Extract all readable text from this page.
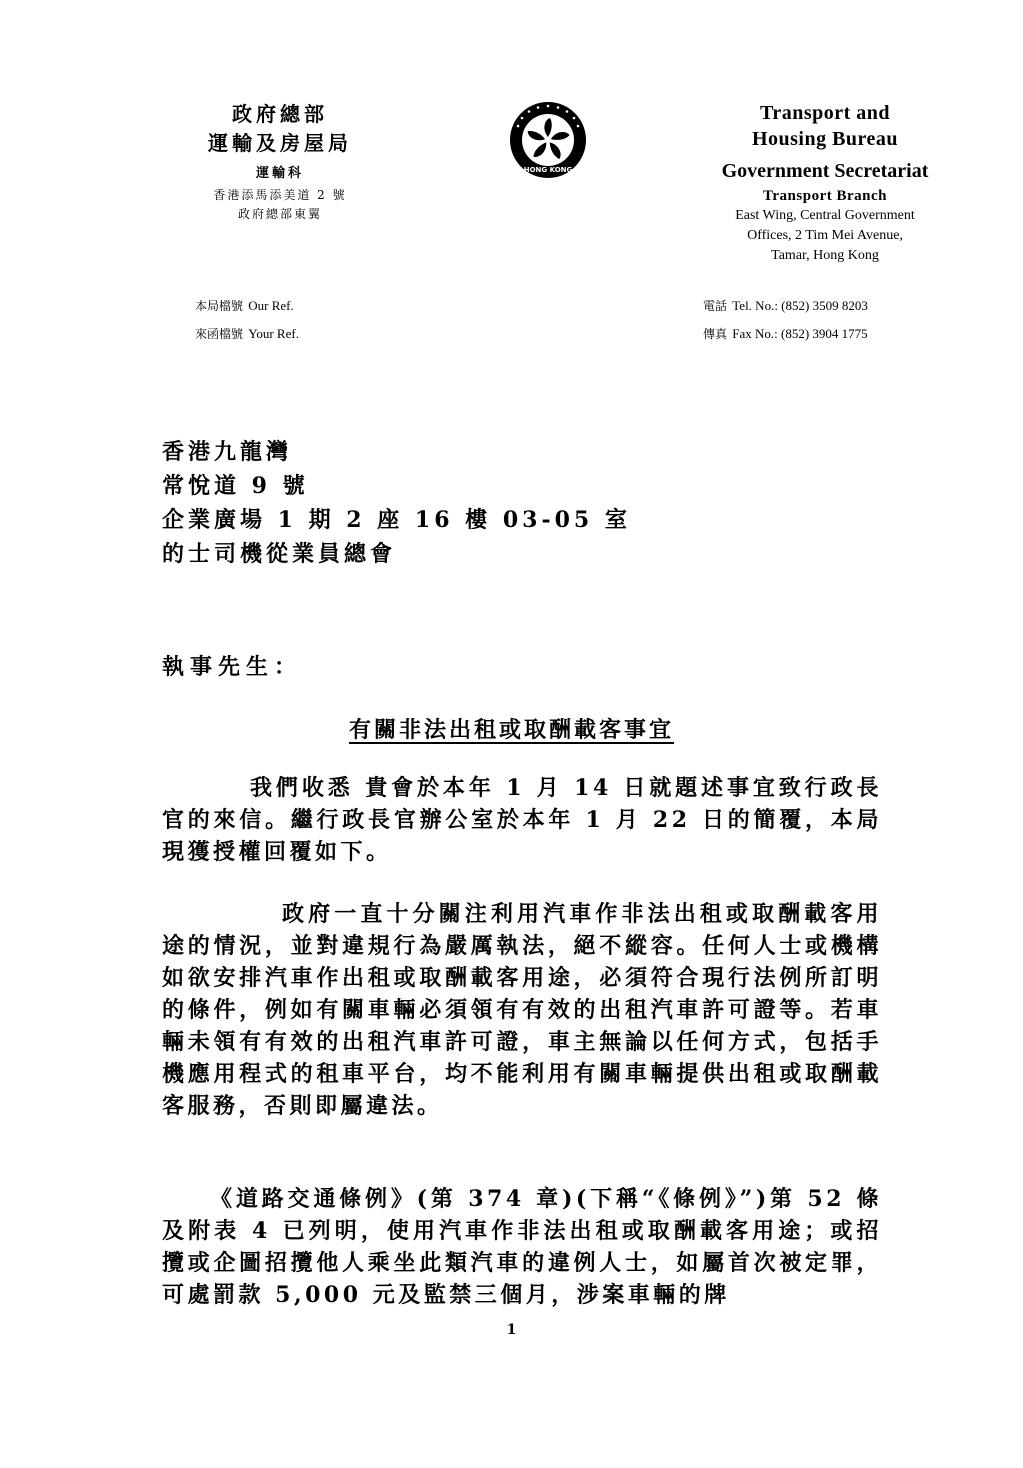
政府總部
運輸及房屋局
運輸科
香港添馬添美道 2 號
政府總部東翼
HONG KONG
Transport and
Housing Bureau
Government Secretariat
Transport Branch
East Wing, Central Government
Offices, 2 Tim Mei Avenue,
Tamar, Hong Kong
本局檔號 Our Ref.
來函檔號 Your Ref.
電話 Tel. No.: (852) 3509 8203
傳真 Fax No.: (852) 3904 1775
香港九龍灣
常悅道 9 號
企業廣場 1 期 2 座 16 樓 03-05 室
的士司機從業員總會
執事先生：
有關非法出租或取酬載客事宜

我們收悉 貴會於本年 1 月 14 日就題述事宜致行政長官的來信。繼行政長官辦公室於本年 1 月 22 日的簡覆，本局現獲授權回覆如下。

政府一直十分關注利用汽車作非法出租或取酬載客用途的情況，並對違規行為嚴厲執法，絕不縱容。任何人士或機構如欲安排汽車作出租或取酬載客用途，必須符合現行法例所訂明的條件，例如有關車輛必須領有有效的出租汽車許可證等。若車輛未領有有效的出租汽車許可證，車主無論以任何方式，包括手機應用程式的租車平台，均不能利用有關車輛提供出租或取酬載客服務，否則即屬違法。

《道路交通條例》(第 374 章)(下稱“《條例》”)第 52 條及附表 4 已列明，使用汽車作非法出租或取酬載客用途；或招攬或企圖招攬他人乘坐此類汽車的違例人士，如屬首次被定罪，可處罰款 5,000 元及監禁三個月，涉案車輛的牌

1
